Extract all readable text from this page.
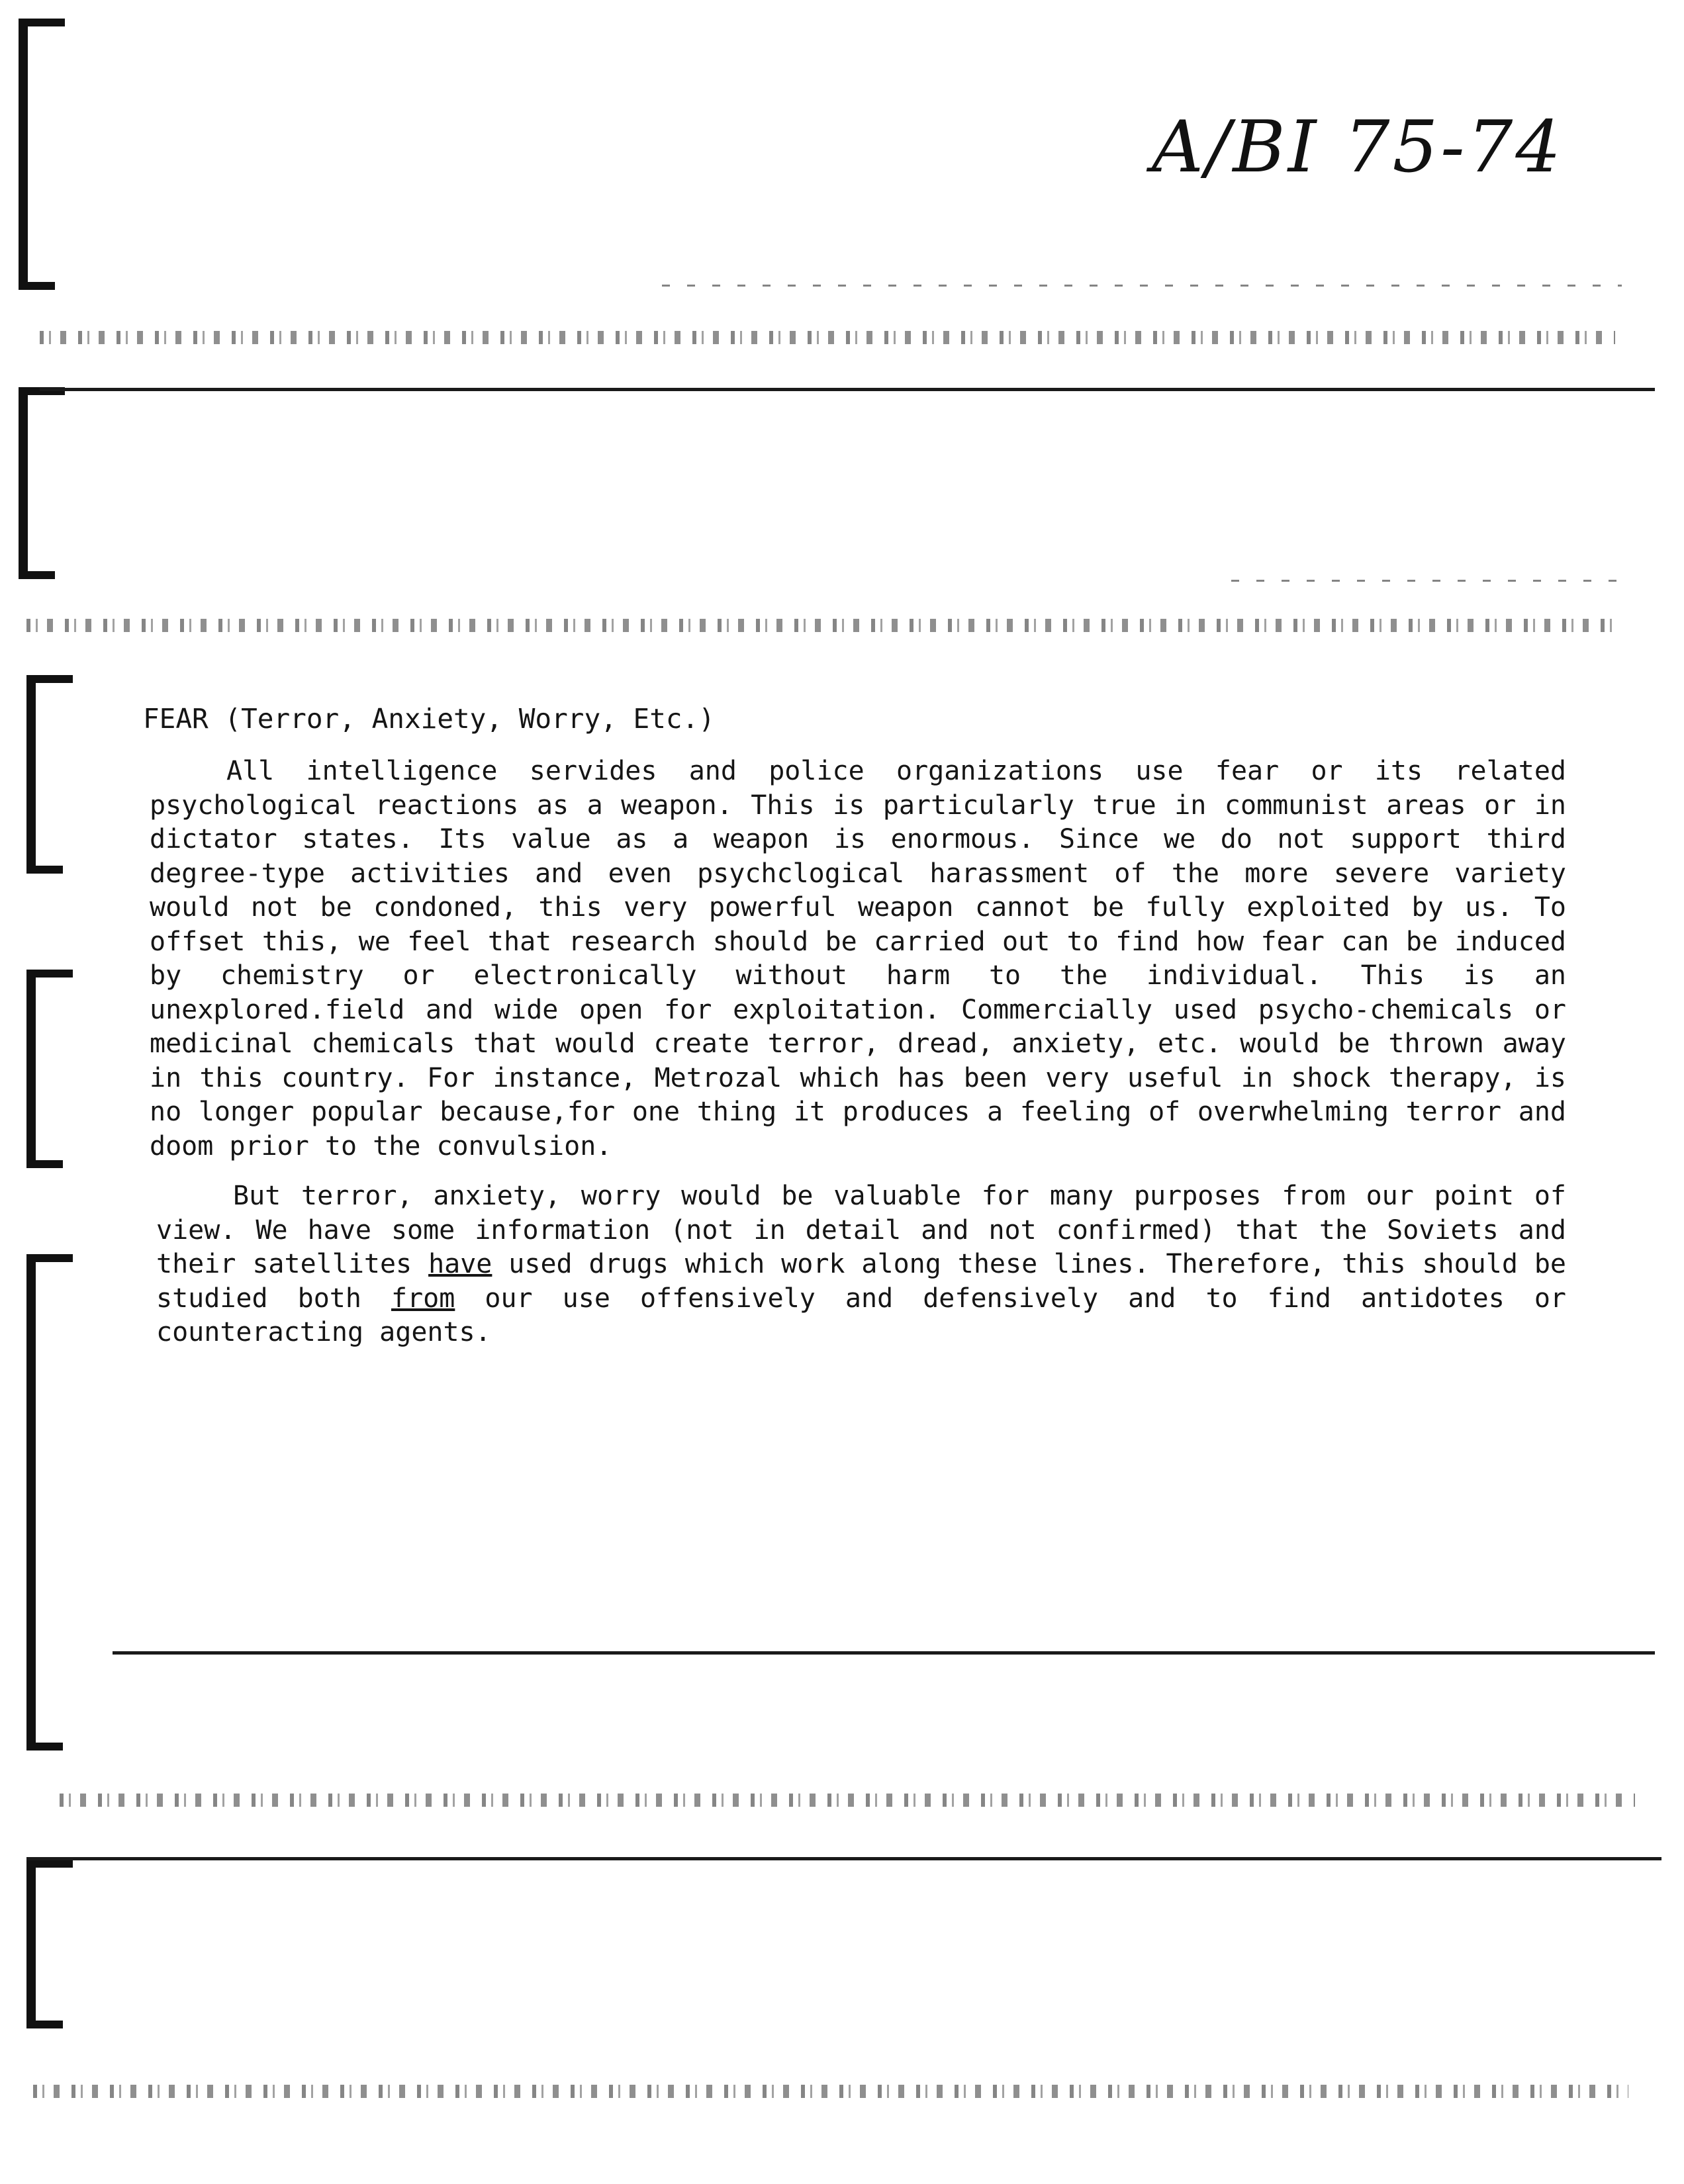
A/BI 75-74
FEAR (Terror, Anxiety, Worry, Etc.)

All intelligence servides and police organizations use fear or its related psychological reactions as a weapon. This is particularly true in communist areas or in dictator states. Its value as a weapon is enormous. Since we do not support third degree-type activities and even psychclogical harassment of the more severe variety would not be condoned, this very powerful weapon cannot be fully exploited by us. To offset this, we feel that research should be carried out to find how fear can be induced by chemistry or electronically without harm to the individual. This is an unexplored.field and wide open for exploitation. Commercially used psycho-chemicals or medicinal chemicals that would create terror, dread, anxiety, etc. would be thrown away in this country. For instance, Metrozal which has been very useful in shock therapy, is no longer popular because,for one thing it produces a feeling of overwhelming terror and doom prior to the convulsion.

But terror, anxiety, worry would be valuable for many purposes from our point of view. We have some information (not in detail and not confirmed) that the Soviets and their satellites have used drugs which work along these lines. Therefore, this should be studied both from our use offensively and defensively and to find antidotes or counteracting agents.
